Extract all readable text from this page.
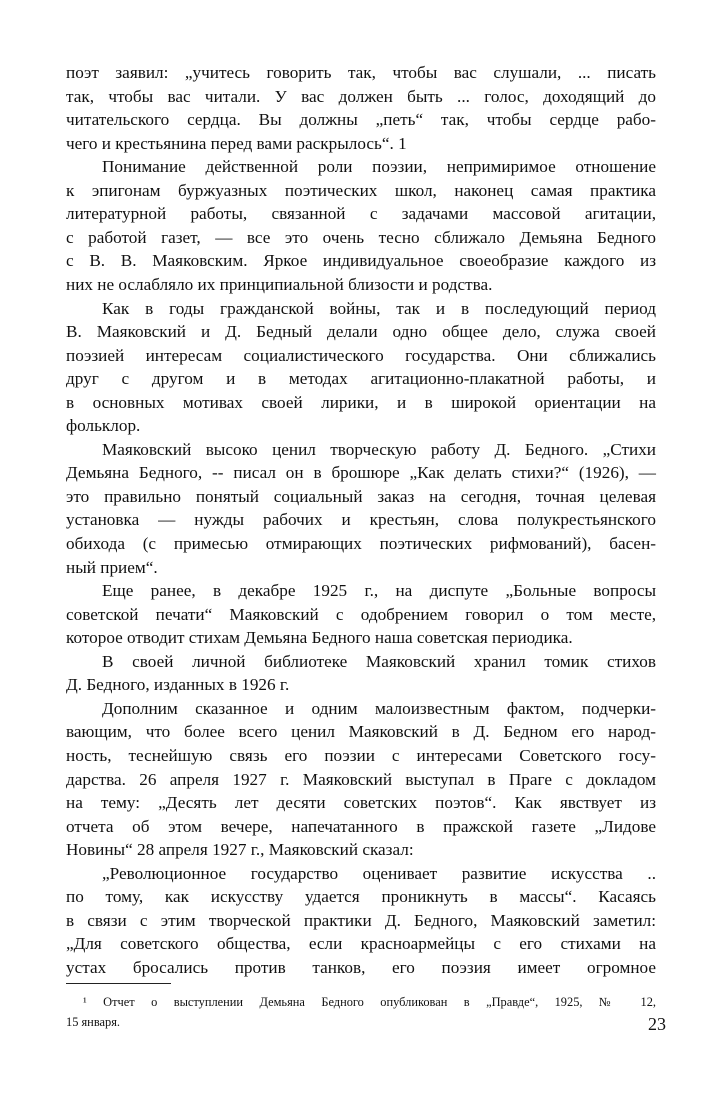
поэт заявил: „учитесь говорить так, чтобы вас слушали, ... писать
так, чтобы вас читали. У вас должен быть ... голос, доходящий до
читательского сердца. Вы должны „петь“ так, чтобы сердце рабо-
чего и крестьянина перед вами раскрылось“. 1
Понимание действенной роли поэзии, непримиримое отношение
к эпигонам буржуазных поэтических школ, наконец самая практика
литературной работы, связанной с задачами массовой агитации,
с работой газет, — все это очень тесно сближало Демьяна Бедного
с В. В. Маяковским. Яркое индивидуальное своеобразие каждого из
них не ослабляло их принципиальной близости и родства.
Как в годы гражданской войны, так и в последующий период
В. Маяковский и Д. Бедный делали одно общее дело, служа своей
поэзией интересам социалистического государства. Они сближались
друг с другом и в методах агитационно-плакатной работы, и
в основных мотивах своей лирики, и в широкой ориентации на
фольклор.
Маяковский высоко ценил творческую работу Д. Бедного. „Стихи
Демьяна Бедного, -- писал он в брошюре „Как делать стихи?“ (1926), —
это правильно понятый социальный заказ на сегодня, точная целевая
установка — нужды рабочих и крестьян, слова полукрестьянского
обихода (с примесью отмирающих поэтических рифмований), басен-
ный прием“.
Еще ранее, в декабре 1925 г., на диспуте „Больные вопросы
советской печати“ Маяковский с одобрением говорил о том месте,
которое отводит стихам Демьяна Бедного наша советская периодика.
В своей личной библиотеке Маяковский хранил томик стихов
Д. Бедного, изданных в 1926 г.
Дополним сказанное и одним малоизвестным фактом, подчерки-
вающим, что более всего ценил Маяковский в Д. Бедном его народ-
ность, теснейшую связь его поэзии с интересами Советского госу-
дарства. 26 апреля 1927 г. Маяковский выступал в Праге с докладом
на тему: „Десять лет десяти советских поэтов“. Как явствует из
отчета об этом вечере, напечатанного в пражской газете „Лидове
Новины“ 28 апреля 1927 г., Маяковский сказал:
„Революционное государство оценивает развитие искусства ..
по тому, как искусству удается проникнуть в массы“. Касаясь
в связи с этим творческой практики Д. Бедного, Маяковский заметил:
„Для советского общества, если красноармейцы с его стихами на
устах бросались против танков, его поэзия имеет огромное
¹ Отчет о выступлении Демьяна Бедного опубликован в „Правде“, 1925, № 12,
15 января.	23
